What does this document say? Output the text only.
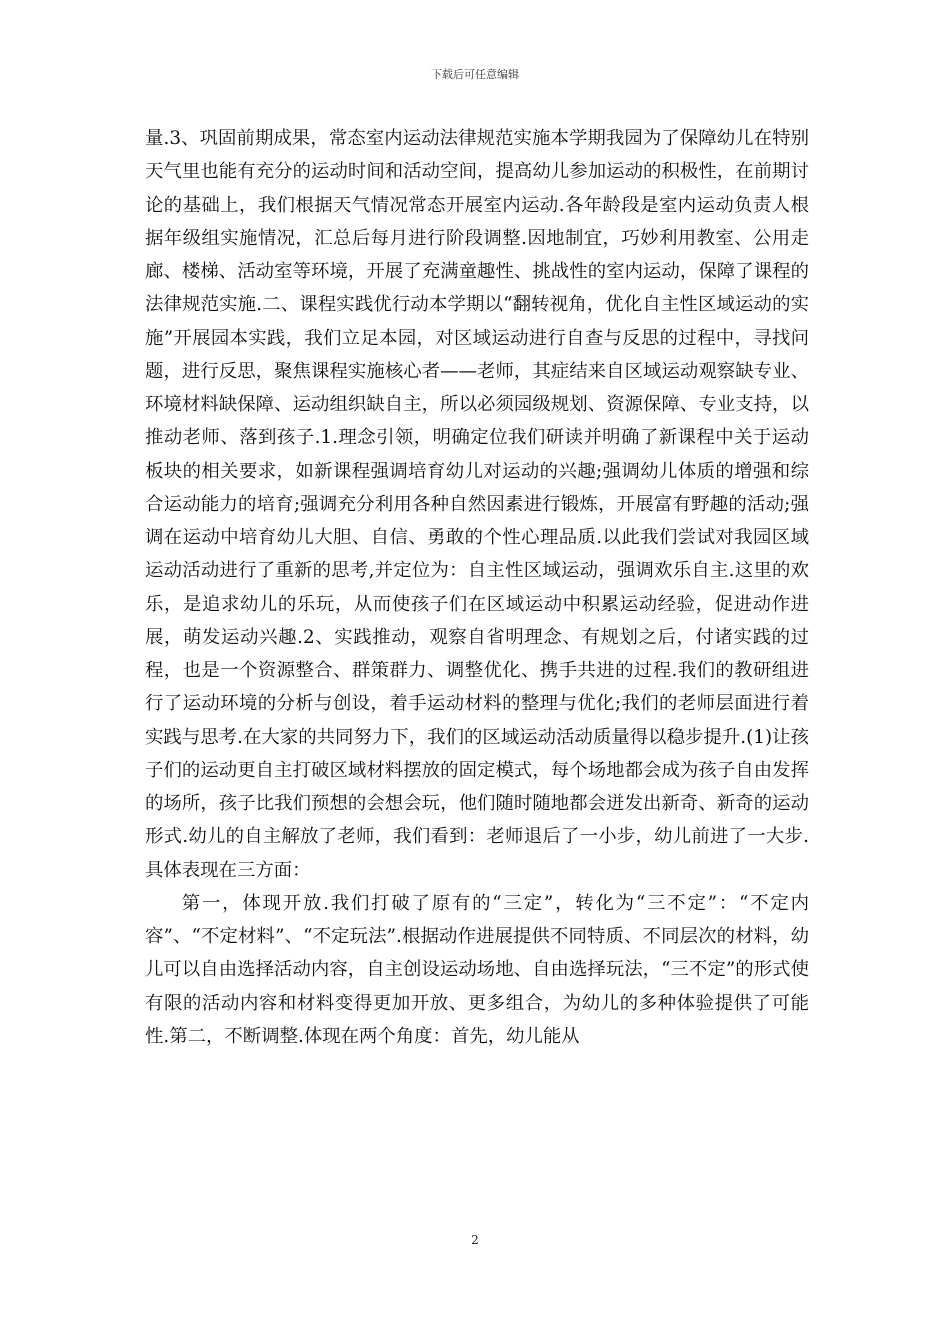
下载后可任意编辑

量.3、巩固前期成果，常态室内运动法律规范实施本学期我园为了保障幼儿在特别天气里也能有充分的运动时间和活动空间，提高幼儿参加运动的积极性，在前期讨论的基础上，我们根据天气情况常态开展室内运动.各年龄段是室内运动负责人根据年级组实施情况，汇总后每月进行阶段调整.因地制宜，巧妙利用教室、公用走廊、楼梯、活动室等环境，开展了充满童趣性、挑战性的室内运动，保障了课程的法律规范实施.二、课程实践优行动本学期以“翻转视角，优化自主性区域运动的实施”开展园本实践，我们立足本园，对区域运动进行自查与反思的过程中，寻找问题，进行反思，聚焦课程实施核心者——老师，其症结来自区域运动观察缺专业、环境材料缺保障、运动组织缺自主，所以必须园级规划、资源保障、专业支持，以推动老师、落到孩子.1.理念引领，明确定位我们研读并明确了新课程中关于运动板块的相关要求，如新课程强调培育幼儿对运动的兴趣;强调幼儿体质的增强和综合运动能力的培育;强调充分利用各种自然因素进行锻炼，开展富有野趣的活动;强调在运动中培育幼儿大胆、自信、勇敢的个性心理品质.以此我们尝试对我园区域运动活动进行了重新的思考,并定位为：自主性区域运动，强调欢乐自主.这里的欢乐，是追求幼儿的乐玩，从而使孩子们在区域运动中积累运动经验，促进动作进展，萌发运动兴趣.2、实践推动，观察自省明理念、有规划之后，付诸实践的过程，也是一个资源整合、群策群力、调整优化、携手共进的过程.我们的教研组进行了运动环境的分析与创设，着手运动材料的整理与优化;我们的老师层面进行着实践与思考.在大家的共同努力下，我们的区域运动活动质量得以稳步提升.(1)让孩子们的运动更自主打破区域材料摆放的固定模式，每个场地都会成为孩子自由发挥的场所，孩子比我们预想的会想会玩，他们随时随地都会迸发出新奇、新奇的运动形式.幼儿的自主解放了老师，我们看到：老师退后了一小步，幼儿前进了一大步.具体表现在三方面：

第一，体现开放.我们打破了原有的“三定”，转化为“三不定”：“不定内容”、“不定材料”、“不定玩法”.根据动作进展提供不同特质、不同层次的材料，幼儿可以自由选择活动内容，自主创设运动场地、自由选择玩法，“三不定”的形式使有限的活动内容和材料变得更加开放、更多组合，为幼儿的多种体验提供了可能性.第二，不断调整.体现在两个角度：首先，幼儿能从

2
